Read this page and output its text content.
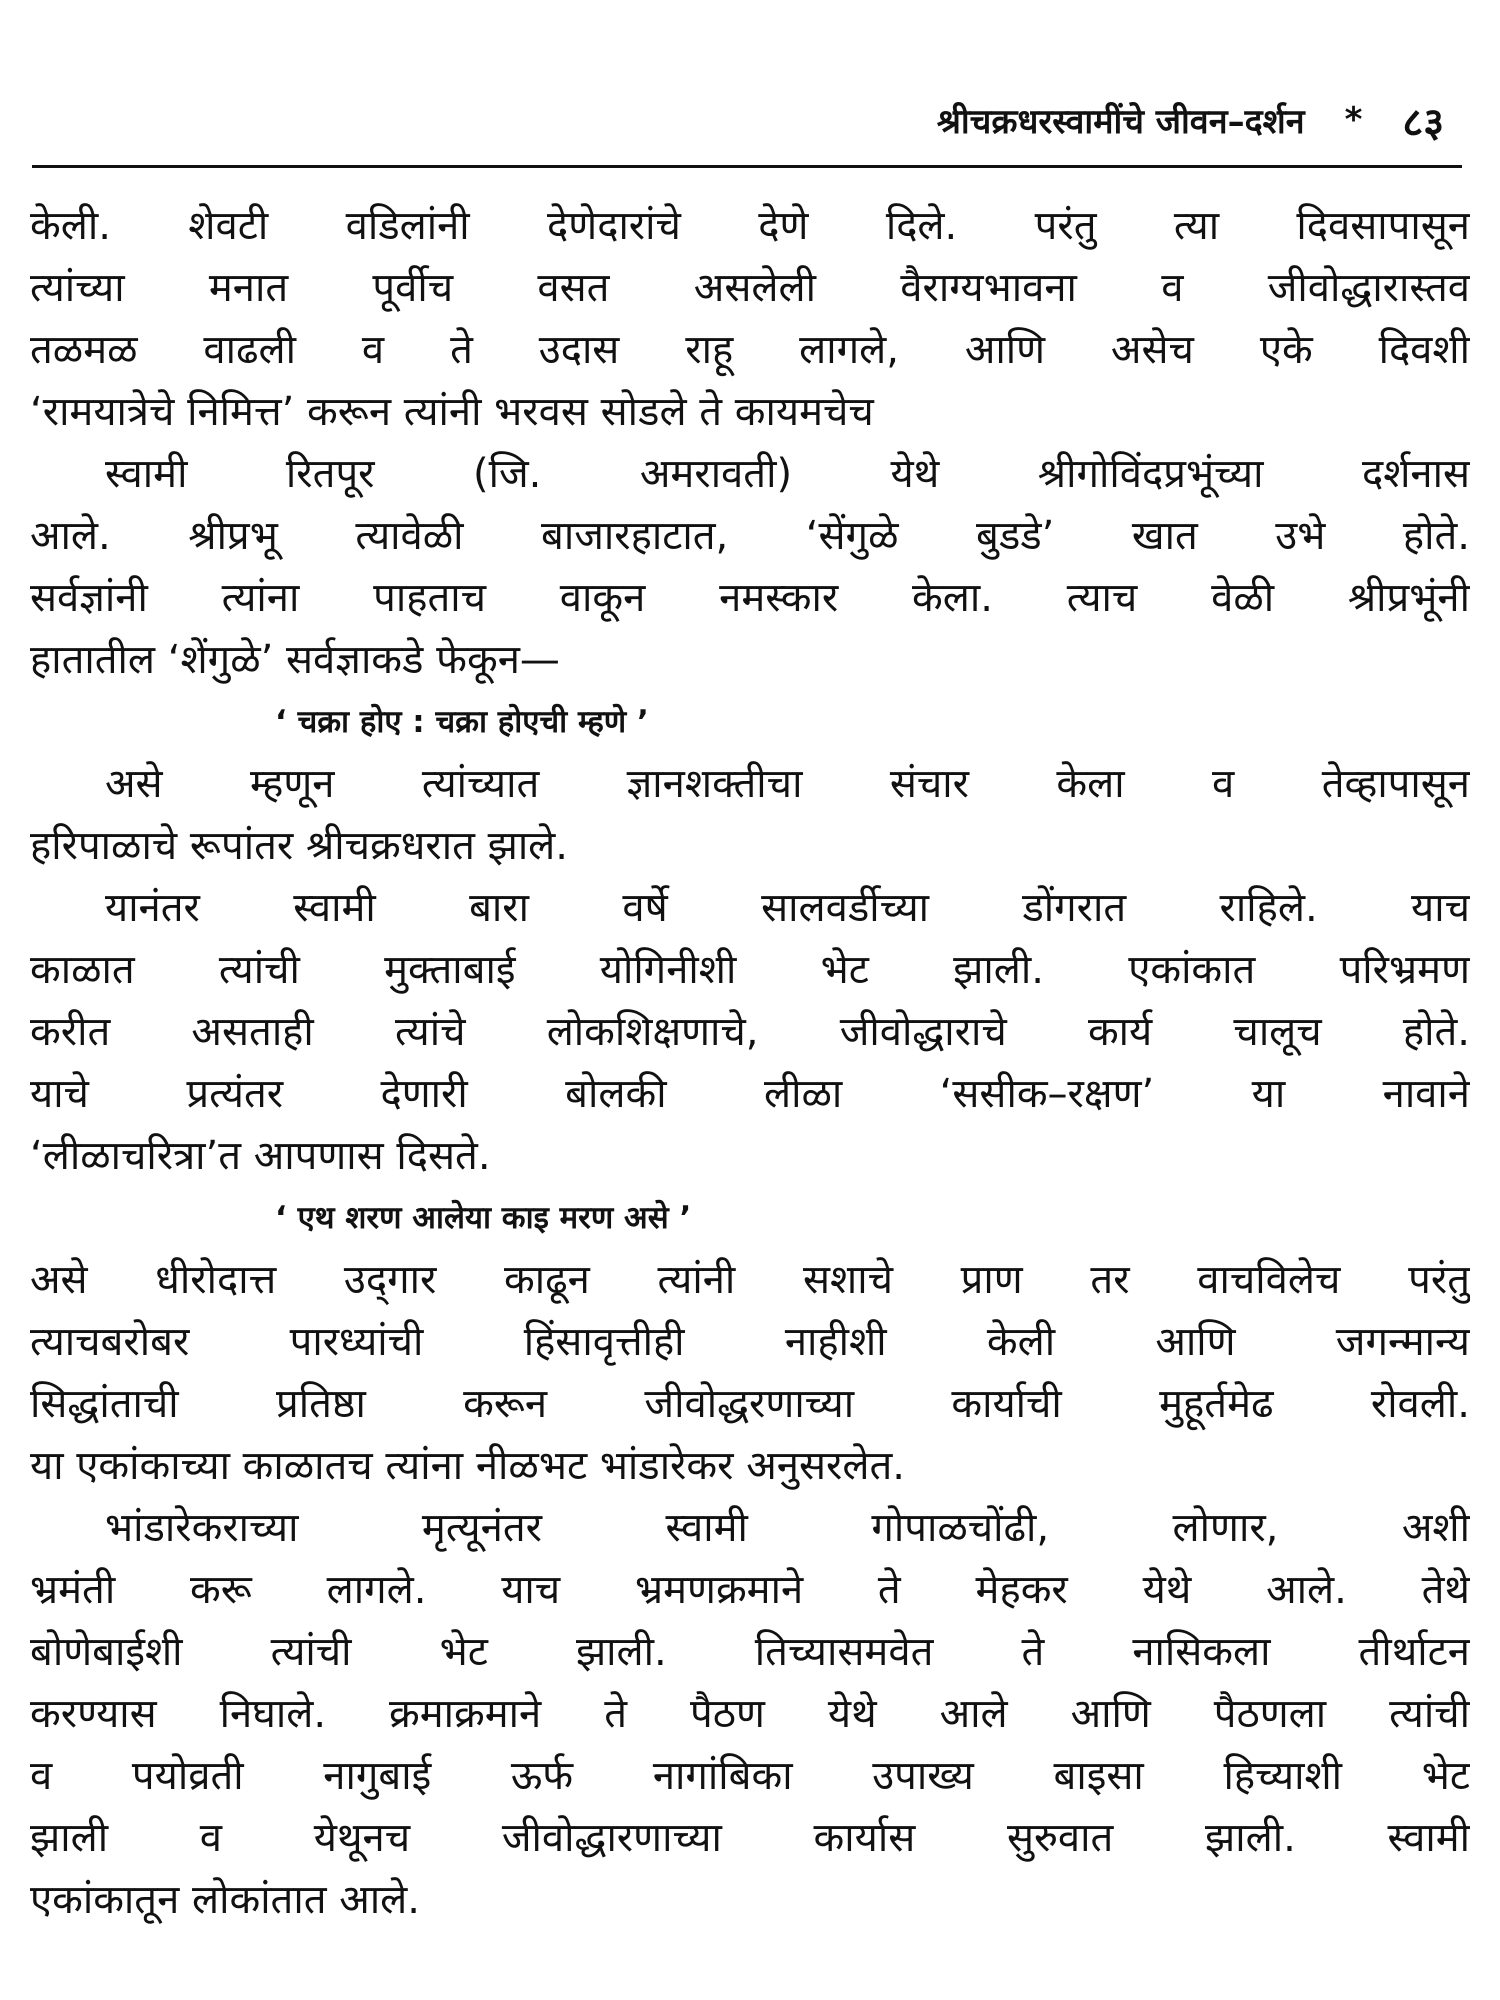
श्रीचक्रधरस्वामींचे जीवन–दर्शन * ८३
केली. शेवटी वडिलांनी देणेदारांचे देणे दिले. परंतु त्या दिवसापासून
त्यांच्या मनात पूर्वीच वसत असलेली वैराग्यभावना व जीवोद्धारास्तव
तळमळ वाढली व ते उदास राहू लागले, आणि असेच एके दिवशी
‘रामयात्रेचे निमित्त’ करून त्यांनी भरवस सोडले ते कायमचेच
स्वामी रितपूर (जि. अमरावती) येथे श्रीगोविंदप्रभूंच्या दर्शनास
आले. श्रीप्रभू त्यावेळी बाजारहाटात, ‘सेंगुळे बुडडे’ खात उभे होते.
सर्वज्ञांनी त्यांना पाहताच वाकून नमस्कार केला. त्याच वेळी श्रीप्रभूंनी
हातातील ‘शेंगुळे’ सर्वज्ञाकडे फेकून—
‘ चक्रा होए : चक्रा होएची म्हणे ’
असे म्हणून त्यांच्यात ज्ञानशक्तीचा संचार केला व तेव्हापासून
हरिपाळाचे रूपांतर श्रीचक्रधरात झाले.
यानंतर स्वामी बारा वर्षे सालवर्डीच्या डोंगरात राहिले. याच
काळात त्यांची मुक्ताबाई योगिनीशी भेट झाली. एकांकात परिभ्रमण
करीत असताही त्यांचे लोकशिक्षणाचे, जीवोद्धाराचे कार्य चालूच होते.
याचे प्रत्यंतर देणारी बोलकी लीळा ‘ससीक–रक्षण’ या नावाने
‘लीळाचरित्रा’त आपणास दिसते.
‘ एथ शरण आलेया काइ मरण असे ’
असे धीरोदात्त उद्‌गार काढून त्यांनी सशाचे प्राण तर वाचविलेच परंतु
त्याचबरोबर पारध्यांची हिंसावृत्तीही नाहीशी केली आणि जगन्मान्य
सिद्धांताची प्रतिष्ठा करून जीवोद्धरणाच्या कार्याची मुहूर्तमेढ रोवली.
या एकांकाच्या काळातच त्यांना नीळभट भांडारेकर अनुसरलेत.
भांडारेकराच्या मृत्यूनंतर स्वामी गोपाळचोंढी, लोणार, अशी
भ्रमंती करू लागले. याच भ्रमणक्रमाने ते मेहकर येथे आले. तेथे
बोणेबाईशी त्यांची भेट झाली. तिच्यासमवेत ते नासिकला तीर्थाटन
करण्यास निघाले. क्रमाक्रमाने ते पैठण येथे आले आणि पैठणला त्यांची
व पयोव्रती नागुबाई ऊर्फ नागांबिका उपाख्य बाइसा हिच्याशी भेट
झाली व येथूनच जीवोद्धारणाच्या कार्यास सुरुवात झाली. स्वामी
एकांकातून लोकांतात आले.
